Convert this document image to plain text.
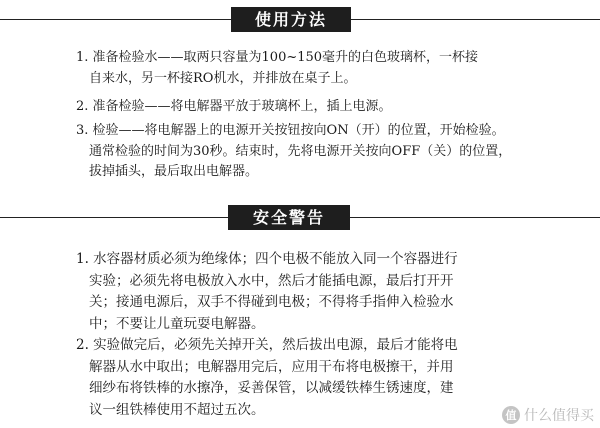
使用方法
1. 准备检验水——取两只容量为100~150毫升的白色玻璃杯，一杯接
自来水，另一杯接RO机水，并排放在桌子上。
2. 准备检验——将电解器平放于玻璃杯上，插上电源。
3. 检验——将电解器上的电源开关按钮按向ON（开）的位置，开始检验。
通常检验的时间为30秒。结束时，先将电源开关按向OFF（关）的位置，
拔掉插头，最后取出电解器。
安全警告
1. 水容器材质必须为绝缘体；四个电极不能放入同一个容器进行
实验；必须先将电极放入水中，然后才能插电源，最后打开开
关；接通电源后，双手不得碰到电极；不得将手指伸入检验水
中；不要让儿童玩耍电解器。
2. 实验做完后，必须先关掉开关，然后拔出电源，最后才能将电
解器从水中取出；电解器用完后，应用干布将电极擦干，并用
细纱布将铁棒的水擦净，妥善保管，以减缓铁棒生锈速度，建
议一组铁棒使用不超过五次。	值 什么值得买
